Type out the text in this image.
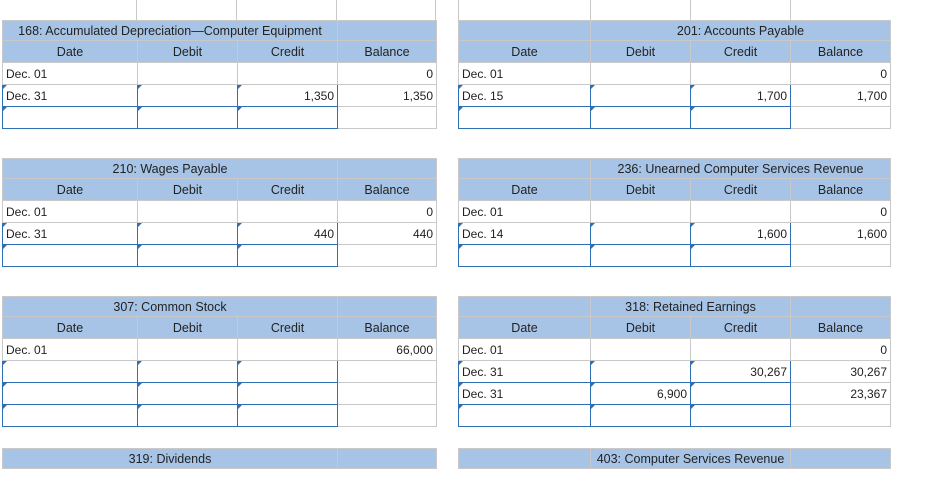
168: Accumulated Depreciation—Computer Equipment			
Date	Debit	Credit	Balance
Dec. 01			0
Dec. 31		1,350	1,350

210: Wages Payable			
Date	Debit	Credit	Balance
Dec. 01			0
Dec. 31		440	440

307: Common Stock			
Date	Debit	Credit	Balance
Dec. 01			66,000

319: Dividends			
	201: Accounts Payable		
Date	Debit	Credit	Balance
Dec. 01			0
Dec. 15		1,700	1,700

	236: Unearned Computer Services Revenue		
Date	Debit	Credit	Balance
Dec. 01			0
Dec. 14		1,600	1,600

	318: Retained Earnings		
Date	Debit	Credit	Balance
Dec. 01			0
Dec. 31		30,267	30,267
Dec. 31	6,900		23,367

	403: Computer Services Revenue		
